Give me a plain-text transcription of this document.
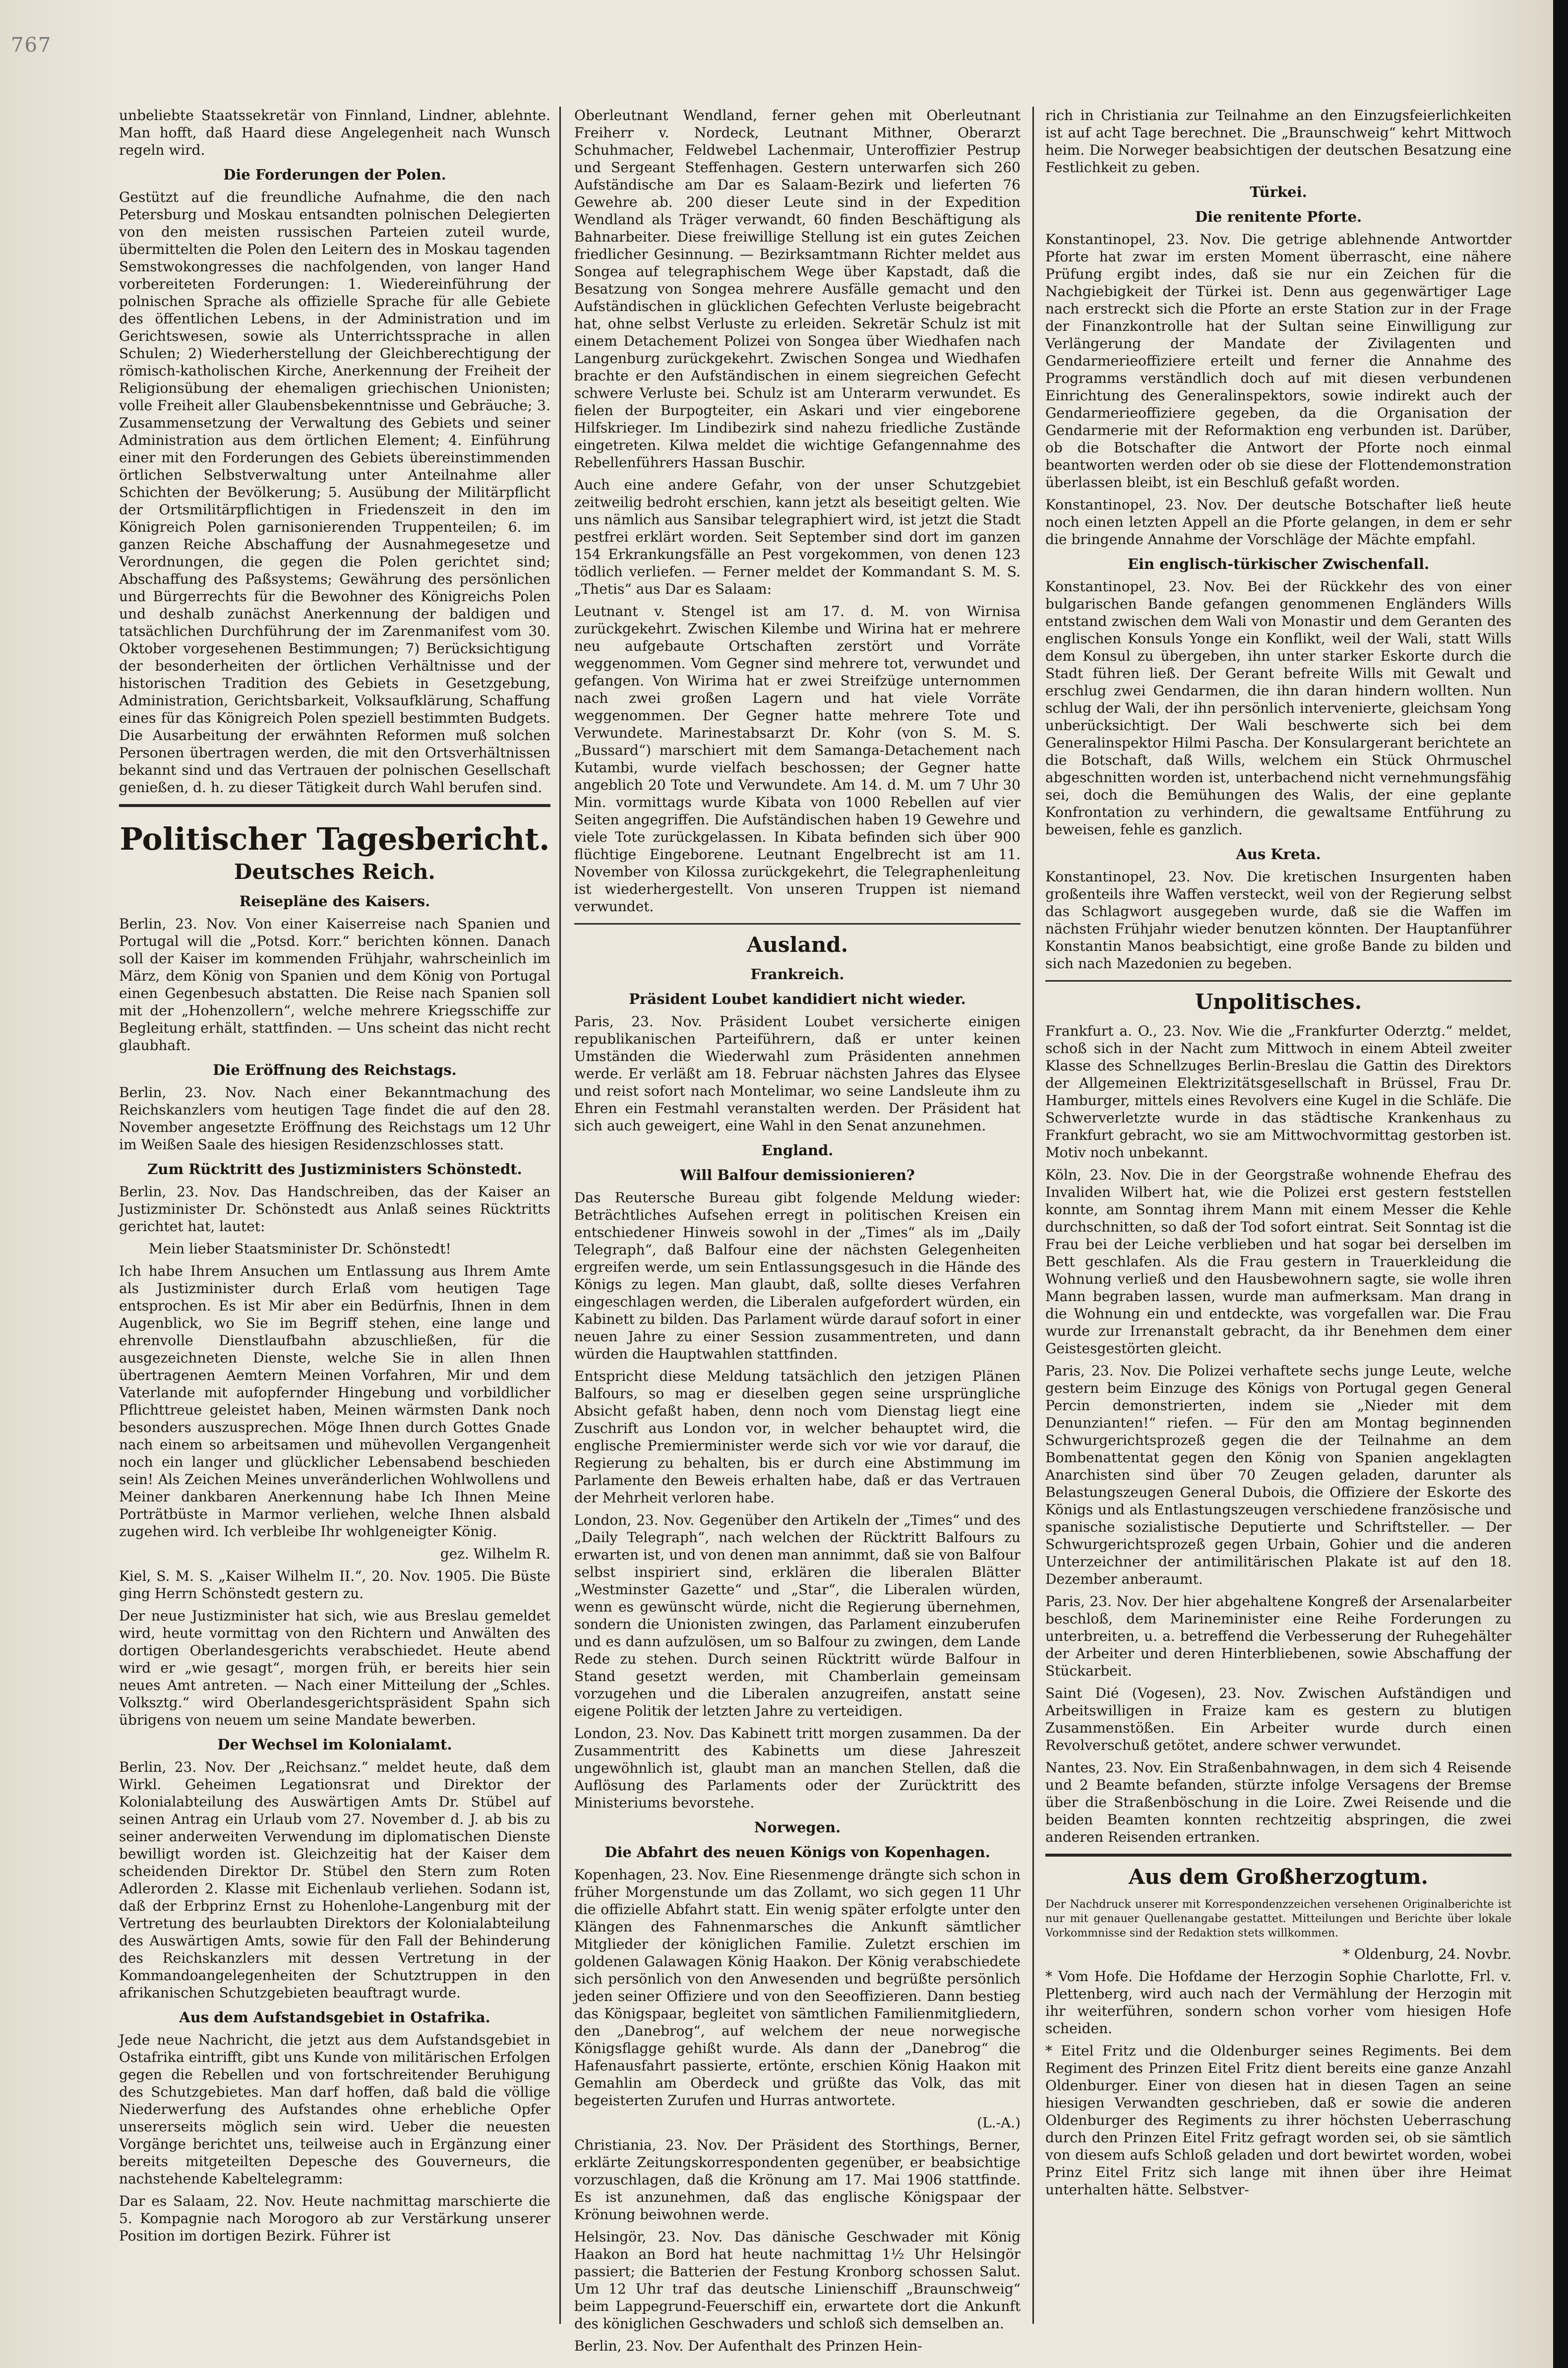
767

unbeliebte Staatssekretär von Finnland, Lindner, ablehnte. Man hofft, daß Haard diese Angelegenheit nach Wunsch regeln wird.

Die Forderungen der Polen.

Gestützt auf die freundliche Aufnahme, die den nach Petersburg und Moskau entsandten polnischen Delegierten von den meisten russischen Parteien zuteil wurde, übermittelten die Polen den Leitern des in Moskau tagenden Semstwokongresses die nachfolgenden, von langer Hand vorbereiteten Forderungen: 1. Wiedereinführung der polnischen Sprache als offizielle Sprache für alle Gebiete des öffentlichen Lebens, in der Administration und im Gerichtswesen, sowie als Unterrichtssprache in allen Schulen; 2) Wiederherstellung der Gleichberechtigung der römisch-katholischen Kirche, Anerkennung der Freiheit der Religionsübung der ehemaligen griechischen Unionisten; volle Freiheit aller Glaubensbekenntnisse und Gebräuche; 3. Zusammensetzung der Verwaltung des Gebiets und seiner Administration aus dem örtlichen Element; 4. Einführung einer mit den Forderungen des Gebiets übereinstimmenden örtlichen Selbstverwaltung unter Anteilnahme aller Schichten der Bevölkerung; 5. Ausübung der Militärpflicht der Ortsmilitärpflichtigen in Friedenszeit in den im Königreich Polen garnisonierenden Truppenteilen; 6. im ganzen Reiche Abschaffung der Ausnahmegesetze und Verordnungen, die gegen die Polen gerichtet sind; Abschaffung des Paßsystems; Gewährung des persönlichen und Bürgerrechts für die Bewohner des Königreichs Polen und deshalb zunächst Anerkennung der baldigen und tatsächlichen Durchführung der im Zarenmanifest vom 30. Oktober vorgesehenen Bestimmungen; 7) Berücksichtigung der besonderheiten der örtlichen Verhältnisse und der historischen Tradition des Gebiets in Gesetzgebung, Administration, Gerichtsbarkeit, Volksaufklärung, Schaffung eines für das Königreich Polen speziell bestimmten Budgets. Die Ausarbeitung der erwähnten Reformen muß solchen Personen übertragen werden, die mit den Ortsverhältnissen bekannt sind und das Vertrauen der polnischen Gesellschaft genießen, d. h. zu dieser Tätigkeit durch Wahl berufen sind.

Politischer Tagesbericht.
Deutsches Reich.
Reisepläne des Kaisers.

Berlin, 23. Nov. Von einer Kaiserreise nach Spanien und Portugal will die „Potsd. Korr.“ berichten können. Danach soll der Kaiser im kommenden Frühjahr, wahrscheinlich im März, dem König von Spanien und dem König von Portugal einen Gegenbesuch abstatten. Die Reise nach Spanien soll mit der „Hohenzollern“, welche mehrere Kriegsschiffe zur Begleitung erhält, stattfinden. — Uns scheint das nicht recht glaubhaft.

Die Eröffnung des Reichstags.

Berlin, 23. Nov. Nach einer Bekanntmachung des Reichskanzlers vom heutigen Tage findet die auf den 28. November angesetzte Eröffnung des Reichstags um 12 Uhr im Weißen Saale des hiesigen Residenzschlosses statt.

Zum Rücktritt des Justizministers Schönstedt.

Berlin, 23. Nov. Das Handschreiben, das der Kaiser an Justizminister Dr. Schönstedt aus Anlaß seines Rücktritts gerichtet hat, lautet:

Mein lieber Staatsminister Dr. Schönstedt!

Ich habe Ihrem Ansuchen um Entlassung aus Ihrem Amte als Justizminister durch Erlaß vom heutigen Tage entsprochen. Es ist Mir aber ein Bedürfnis, Ihnen in dem Augenblick, wo Sie im Begriff stehen, eine lange und ehrenvolle Dienstlaufbahn abzuschließen, für die ausgezeichneten Dienste, welche Sie in allen Ihnen übertragenen Aemtern Meinen Vorfahren, Mir und dem Vaterlande mit aufopfernder Hingebung und vorbildlicher Pflichttreue geleistet haben, Meinen wärmsten Dank noch besonders auszusprechen. Möge Ihnen durch Gottes Gnade nach einem so arbeitsamen und mühevollen Vergangenheit noch ein langer und glücklicher Lebensabend beschieden sein! Als Zeichen Meines unveränderlichen Wohlwollens und Meiner dankbaren Anerkennung habe Ich Ihnen Meine Porträtbüste in Marmor verliehen, welche Ihnen alsbald zugehen wird. Ich verbleibe Ihr wohlgeneigter König.

gez. Wilhelm R.

Kiel, S. M. S. „Kaiser Wilhelm II.“, 20. Nov. 1905. Die Büste ging Herrn Schönstedt gestern zu.

Der neue Justizminister hat sich, wie aus Breslau gemeldet wird, heute vormittag von den Richtern und Anwälten des dortigen Oberlandesgerichts verabschiedet. Heute abend wird er „wie gesagt“, morgen früh, er bereits hier sein neues Amt antreten. — Nach einer Mitteilung der „Schles. Volksztg.“ wird Oberlandesgerichtspräsident Spahn sich übrigens von neuem um seine Mandate bewerben.

Der Wechsel im Kolonialamt.

Berlin, 23. Nov. Der „Reichsanz.“ meldet heute, daß dem Wirkl. Geheimen Legationsrat und Direktor der Kolonialabteilung des Auswärtigen Amts Dr. Stübel auf seinen Antrag ein Urlaub vom 27. November d. J. ab bis zu seiner anderweiten Verwendung im diplomatischen Dienste bewilligt worden ist. Gleichzeitig hat der Kaiser dem scheidenden Direktor Dr. Stübel den Stern zum Roten Adlerorden 2. Klasse mit Eichenlaub verliehen. Sodann ist, daß der Erbprinz Ernst zu Hohenlohe-Langenburg mit der Vertretung des beurlaubten Direktors der Kolonialabteilung des Auswärtigen Amts, sowie für den Fall der Behinderung des Reichskanzlers mit dessen Vertretung in der Kommandoangelegenheiten der Schutztruppen in den afrikanischen Schutzgebieten beauftragt wurde.

Aus dem Aufstandsgebiet in Ostafrika.

Jede neue Nachricht, die jetzt aus dem Aufstandsgebiet in Ostafrika eintrifft, gibt uns Kunde von militärischen Erfolgen gegen die Rebellen und von fortschreitender Beruhigung des Schutzgebietes. Man darf hoffen, daß bald die völlige Niederwerfung des Aufstandes ohne erhebliche Opfer unsererseits möglich sein wird. Ueber die neuesten Vorgänge berichtet uns, teilweise auch in Ergänzung einer bereits mitgeteilten Depesche des Gouverneurs, die nachstehende Kabeltelegramm:

Dar es Salaam, 22. Nov. Heute nachmittag marschierte die 5. Kompagnie nach Morogoro ab zur Verstärkung unserer Position im dortigen Bezirk. Führer ist

Oberleutnant Wendland, ferner gehen mit Oberleutnant Freiherr v. Nordeck, Leutnant Mithner, Oberarzt Schuhmacher, Feldwebel Lachenmair, Unteroffizier Pestrup und Sergeant Steffenhagen. Gestern unterwarfen sich 260 Aufständische am Dar es Salaam-Bezirk und lieferten 76 Gewehre ab. 200 dieser Leute sind in der Expedition Wendland als Träger verwandt, 60 finden Beschäftigung als Bahnarbeiter. Diese freiwillige Stellung ist ein gutes Zeichen friedlicher Gesinnung. — Bezirksamtmann Richter meldet aus Songea auf telegraphischem Wege über Kapstadt, daß die Besatzung von Songea mehrere Ausfälle gemacht und den Aufständischen in glücklichen Gefechten Verluste beigebracht hat, ohne selbst Verluste zu erleiden. Sekretär Schulz ist mit einem Detachement Polizei von Songea über Wiedhafen nach Langenburg zurückgekehrt. Zwischen Songea und Wiedhafen brachte er den Aufständischen in einem siegreichen Gefecht schwere Verluste bei. Schulz ist am Unterarm verwundet. Es fielen der Burpogteiter, ein Askari und vier eingeborene Hilfskrieger. Im Lindibezirk sind nahezu friedliche Zustände eingetreten. Kilwa meldet die wichtige Gefangennahme des Rebellenführers Hassan Buschir.

Auch eine andere Gefahr, von der unser Schutzgebiet zeitweilig bedroht erschien, kann jetzt als beseitigt gelten. Wie uns nämlich aus Sansibar telegraphiert wird, ist jetzt die Stadt pestfrei erklärt worden. Seit September sind dort im ganzen 154 Erkrankungsfälle an Pest vorgekommen, von denen 123 tödlich verliefen. — Ferner meldet der Kommandant S. M. S. „Thetis“ aus Dar es Salaam:

Leutnant v. Stengel ist am 17. d. M. von Wirnisa zurückgekehrt. Zwischen Kilembe und Wirina hat er mehrere neu aufgebaute Ortschaften zerstört und Vorräte weggenommen. Vom Gegner sind mehrere tot, verwundet und gefangen. Von Wirima hat er zwei Streifzüge unternommen nach zwei großen Lagern und hat viele Vorräte weggenommen. Der Gegner hatte mehrere Tote und Verwundete. Marinestabsarzt Dr. Kohr (von S. M. S. „Bussard“) marschiert mit dem Samanga-Detachement nach Kutambi, wurde vielfach beschossen; der Gegner hatte angeblich 20 Tote und Verwundete. Am 14. d. M. um 7 Uhr 30 Min. vormittags wurde Kibata von 1000 Rebellen auf vier Seiten angegriffen. Die Aufständischen haben 19 Gewehre und viele Tote zurückgelassen. In Kibata befinden sich über 900 flüchtige Eingeborene. Leutnant Engelbrecht ist am 11. November von Kilossa zurückgekehrt, die Telegraphenleitung ist wiederhergestellt. Von unseren Truppen ist niemand verwundet.

Ausland.
Frankreich.
Präsident Loubet kandidiert nicht wieder.

Paris, 23. Nov. Präsident Loubet versicherte einigen republikanischen Parteiführern, daß er unter keinen Umständen die Wiederwahl zum Präsidenten annehmen werde. Er verläßt am 18. Februar nächsten Jahres das Elysee und reist sofort nach Montelimar, wo seine Landsleute ihm zu Ehren ein Festmahl veranstalten werden. Der Präsident hat sich auch geweigert, eine Wahl in den Senat anzunehmen.

England.
Will Balfour demissionieren?

Das Reutersche Bureau gibt folgende Meldung wieder: Beträchtliches Aufsehen erregt in politischen Kreisen ein entschiedener Hinweis sowohl in der „Times“ als im „Daily Telegraph“, daß Balfour eine der nächsten Gelegenheiten ergreifen werde, um sein Entlassungsgesuch in die Hände des Königs zu legen. Man glaubt, daß, sollte dieses Verfahren eingeschlagen werden, die Liberalen aufgefordert würden, ein Kabinett zu bilden. Das Parlament würde darauf sofort in einer neuen Jahre zu einer Session zusammentreten, und dann würden die Hauptwahlen stattfinden.

Entspricht diese Meldung tatsächlich den jetzigen Plänen Balfours, so mag er dieselben gegen seine ursprüngliche Absicht gefaßt haben, denn noch vom Dienstag liegt eine Zuschrift aus London vor, in welcher behauptet wird, die englische Premierminister werde sich vor wie vor darauf, die Regierung zu behalten, bis er durch eine Abstimmung im Parlamente den Beweis erhalten habe, daß er das Vertrauen der Mehrheit verloren habe.

London, 23. Nov. Gegenüber den Artikeln der „Times“ und des „Daily Telegraph“, nach welchen der Rücktritt Balfours zu erwarten ist, und von denen man annimmt, daß sie von Balfour selbst inspiriert sind, erklären die liberalen Blätter „Westminster Gazette“ und „Star“, die Liberalen würden, wenn es gewünscht würde, nicht die Regierung übernehmen, sondern die Unionisten zwingen, das Parlament einzuberufen und es dann aufzulösen, um so Balfour zu zwingen, dem Lande Rede zu stehen. Durch seinen Rücktritt würde Balfour in Stand gesetzt werden, mit Chamberlain gemeinsam vorzugehen und die Liberalen anzugreifen, anstatt seine eigene Politik der letzten Jahre zu verteidigen.

London, 23. Nov. Das Kabinett tritt morgen zusammen. Da der Zusammentritt des Kabinetts um diese Jahreszeit ungewöhnlich ist, glaubt man an manchen Stellen, daß die Auflösung des Parlaments oder der Zurücktritt des Ministeriums bevorstehe.

Norwegen.
Die Abfahrt des neuen Königs von Kopenhagen.

Kopenhagen, 23. Nov. Eine Riesenmenge drängte sich schon in früher Morgenstunde um das Zollamt, wo sich gegen 11 Uhr die offizielle Abfahrt statt. Ein wenig später erfolgte unter den Klängen des Fahnenmarsches die Ankunft sämtlicher Mitglieder der königlichen Familie. Zuletzt erschien im goldenen Galawagen König Haakon. Der König verabschiedete sich persönlich von den Anwesenden und begrüßte persönlich jeden seiner Offiziere und von den Seeoffizieren. Dann bestieg das Königspaar, begleitet von sämtlichen Familienmitgliedern, den „Danebrog“, auf welchem der neue norwegische Königsflagge gehißt wurde. Als dann der „Danebrog“ die Hafenausfahrt passierte, ertönte, erschien König Haakon mit Gemahlin am Oberdeck und grüßte das Volk, das mit begeisterten Zurufen und Hurras antwortete.

(L.-A.)

Christiania, 23. Nov. Der Präsident des Storthings, Berner, erklärte Zeitungskorrespondenten gegenüber, er beabsichtige vorzuschlagen, daß die Krönung am 17. Mai 1906 stattfinde. Es ist anzunehmen, daß das englische Königspaar der Krönung beiwohnen werde.

Helsingör, 23. Nov. Das dänische Geschwader mit König Haakon an Bord hat heute nachmittag 1½ Uhr Helsingör passiert; die Batterien der Festung Kronborg schossen Salut. Um 12 Uhr traf das deutsche Linienschiff „Braunschweig“ beim Lappegrund-Feuerschiff ein, erwartete dort die Ankunft des königlichen Geschwaders und schloß sich demselben an.

Berlin, 23. Nov. Der Aufenthalt des Prinzen Hein-

rich in Christiania zur Teilnahme an den Einzugsfeierlichkeiten ist auf acht Tage berechnet. Die „Braunschweig“ kehrt Mittwoch heim. Die Norweger beabsichtigen der deutschen Besatzung eine Festlichkeit zu geben.

Türkei.
Die renitente Pforte.

Konstantinopel, 23. Nov. Die getrige ablehnende Antwortder Pforte hat zwar im ersten Moment überrascht, eine nähere Prüfung ergibt indes, daß sie nur ein Zeichen für die Nachgiebigkeit der Türkei ist. Denn aus gegenwärtiger Lage nach erstreckt sich die Pforte an erste Station zur in der Frage der Finanzkontrolle hat der Sultan seine Einwilligung zur Verlängerung der Mandate der Zivilagenten und Gendarmerieoffiziere erteilt und ferner die Annahme des Programms verständlich doch auf mit diesen verbundenen Einrichtung des Generalinspektors, sowie indirekt auch der Gendarmerieoffiziere gegeben, da die Organisation der Gendarmerie mit der Reformaktion eng verbunden ist. Darüber, ob die Botschafter die Antwort der Pforte noch einmal beantworten werden oder ob sie diese der Flottendemonstration überlassen bleibt, ist ein Beschluß gefaßt worden.

Konstantinopel, 23. Nov. Der deutsche Botschafter ließ heute noch einen letzten Appell an die Pforte gelangen, in dem er sehr die bringende Annahme der Vorschläge der Mächte empfahl.

Ein englisch-türkischer Zwischenfall.

Konstantinopel, 23. Nov. Bei der Rückkehr des von einer bulgarischen Bande gefangen genommenen Engländers Wills entstand zwischen dem Wali von Monastir und dem Geranten des englischen Konsuls Yonge ein Konflikt, weil der Wali, statt Wills dem Konsul zu übergeben, ihn unter starker Eskorte durch die Stadt führen ließ. Der Gerant befreite Wills mit Gewalt und erschlug zwei Gendarmen, die ihn daran hindern wollten. Nun schlug der Wali, der ihn persönlich intervenierte, gleichsam Yong unberücksichtigt. Der Wali beschwerte sich bei dem Generalinspektor Hilmi Pascha. Der Konsulargerant berichtete an die Botschaft, daß Wills, welchem ein Stück Ohrmuschel abgeschnitten worden ist, unterbachend nicht vernehmungsfähig sei, doch die Bemühungen des Walis, der eine geplante Konfrontation zu verhindern, die gewaltsame Entführung zu beweisen, fehle es ganzlich.

Aus Kreta.

Konstantinopel, 23. Nov. Die kretischen Insurgenten haben großenteils ihre Waffen versteckt, weil von der Regierung selbst das Schlagwort ausgegeben wurde, daß sie die Waffen im nächsten Frühjahr wieder benutzen könnten. Der Hauptanführer Konstantin Manos beabsichtigt, eine große Bande zu bilden und sich nach Mazedonien zu begeben.

Unpolitisches.

Frankfurt a. O., 23. Nov. Wie die „Frankfurter Oderztg.“ meldet, schoß sich in der Nacht zum Mittwoch in einem Abteil zweiter Klasse des Schnellzuges Berlin-Breslau die Gattin des Direktors der Allgemeinen Elektrizitätsgesellschaft in Brüssel, Frau Dr. Hamburger, mittels eines Revolvers eine Kugel in die Schläfe. Die Schwerverletzte wurde in das städtische Krankenhaus zu Frankfurt gebracht, wo sie am Mittwochvormittag gestorben ist. Motiv noch unbekannt.

Köln, 23. Nov. Die in der Georgstraße wohnende Ehefrau des Invaliden Wilbert hat, wie die Polizei erst gestern feststellen konnte, am Sonntag ihrem Mann mit einem Messer die Kehle durchschnitten, so daß der Tod sofort eintrat. Seit Sonntag ist die Frau bei der Leiche verblieben und hat sogar bei derselben im Bett geschlafen. Als die Frau gestern in Trauerkleidung die Wohnung verließ und den Hausbewohnern sagte, sie wolle ihren Mann begraben lassen, wurde man aufmerksam. Man drang in die Wohnung ein und entdeckte, was vorgefallen war. Die Frau wurde zur Irrenanstalt gebracht, da ihr Benehmen dem einer Geistesgestörten gleicht.

Paris, 23. Nov. Die Polizei verhaftete sechs junge Leute, welche gestern beim Einzuge des Königs von Portugal gegen General Percin demonstrierten, indem sie „Nieder mit dem Denunzianten!“ riefen. — Für den am Montag beginnenden Schwurgerichtsprozeß gegen die der Teilnahme an dem Bombenattentat gegen den König von Spanien angeklagten Anarchisten sind über 70 Zeugen geladen, darunter als Belastungszeugen General Dubois, die Offiziere der Eskorte des Königs und als Entlastungszeugen verschiedene französische und spanische sozialistische Deputierte und Schriftsteller. — Der Schwurgerichtsprozeß gegen Urbain, Gohier und die anderen Unterzeichner der antimilitärischen Plakate ist auf den 18. Dezember anberaumt.

Paris, 23. Nov. Der hier abgehaltene Kongreß der Arsenalarbeiter beschloß, dem Marineminister eine Reihe Forderungen zu unterbreiten, u. a. betreffend die Verbesserung der Ruhegehälter der Arbeiter und deren Hinterbliebenen, sowie Abschaffung der Stückarbeit.

Saint Dié (Vogesen), 23. Nov. Zwischen Aufständigen und Arbeitswilligen in Fraize kam es gestern zu blutigen Zusammenstößen. Ein Arbeiter wurde durch einen Revolverschuß getötet, andere schwer verwundet.

Nantes, 23. Nov. Ein Straßenbahnwagen, in dem sich 4 Reisende und 2 Beamte befanden, stürzte infolge Versagens der Bremse über die Straßenböschung in die Loire. Zwei Reisende und die beiden Beamten konnten rechtzeitig abspringen, die zwei anderen Reisenden ertranken.

Aus dem Großherzogtum.

Der Nachdruck unserer mit Korrespondenzzeichen versehenen Originalberichte ist nur mit genauer Quellenangabe gestattet. Mitteilungen und Berichte über lokale Vorkommnisse sind der Redaktion stets willkommen.

* Oldenburg, 24. Novbr.

* Vom Hofe. Die Hofdame der Herzogin Sophie Charlotte, Frl. v. Plettenberg, wird auch nach der Vermählung der Herzogin mit ihr weiterführen, sondern schon vorher vom hiesigen Hofe scheiden.

* Eitel Fritz und die Oldenburger seines Regiments. Bei dem Regiment des Prinzen Eitel Fritz dient bereits eine ganze Anzahl Oldenburger. Einer von diesen hat in diesen Tagen an seine hiesigen Verwandten geschrieben, daß er sowie die anderen Oldenburger des Regiments zu ihrer höchsten Ueberraschung durch den Prinzen Eitel Fritz gefragt worden sei, ob sie sämtlich von diesem aufs Schloß geladen und dort bewirtet worden, wobei Prinz Eitel Fritz sich lange mit ihnen über ihre Heimat unterhalten hätte. Selbstver-
